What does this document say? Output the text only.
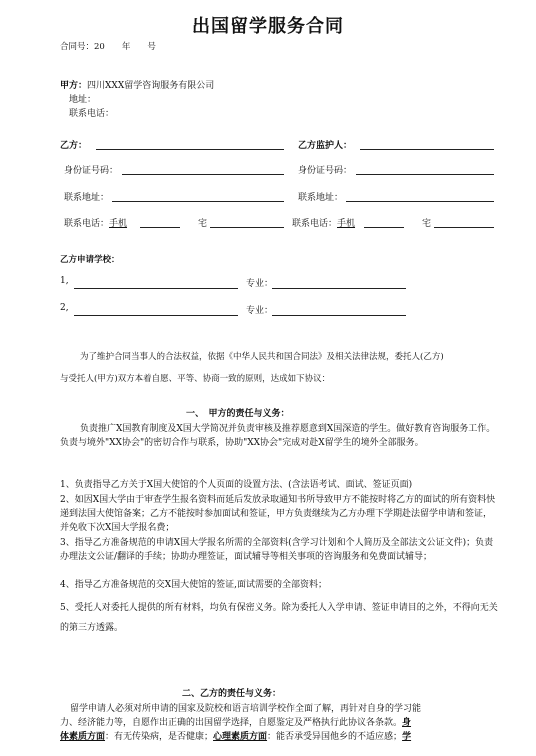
出国留学服务合同
合同号：20　　年　　号
甲方：四川XXX留学咨询服务有限公司
地址：
联系电话：
乙方：	乙方监护人：
身份证号码：	身份证号码：
联系地址：	联系地址：
联系电话：手机	宅	联系电话：手机	宅
乙方申请学校：
1,	专业：
2,	专业：
为了维护合同当事人的合法权益，依据《中华人民共和国合同法》及相关法律法规，委托人(乙方)
与受托人(甲方)双方本着自愿、平等、协商一致的原则，达成如下协议：
一、　甲方的责任与义务：
负责推广X国教育制度及X国大学简况并负责审核及推荐愿意到X国深造的学生。做好教育咨询服务工作。负责与境外"XX协会"的密切合作与联系，协助"XX协会"完成对赴X留学生的境外全部服务。
1、负责指导乙方关于X国大使馆的个人页面的设置方法、(含法语考试、面试、签证页面)
2、如因X国大学由于审查学生报名资料而延后发放录取通知书所导致甲方不能按时将乙方的面试的所有资料快递到法国大使馆备案；乙方不能按时参加面试和签证，甲方负责继续为乙方办理下学期赴法留学申请和签证，并免收下次X国大学报名费；
3、指导乙方准备规范的申请X国大学报名所需的全部资料(含学习计划和个人简历及全部法文公证文件)；负责办理法文公证/翻译的手续；协助办理签证，面试辅导等相关事项的咨询服务和免费面试辅导；
4、指导乙方准备规范的交X国大使馆的签证,面试需要的全部资料；
5、受托人对委托人提供的所有材料，均负有保密义务。除为委托人入学申请、签证申请目的之外，不得向无关的第三方透露。
二、乙方的责任与义务：
留学申请人必须对所申请的国家及院校和语言培训学校作全面了解，再针对自身的学习能
力、经济能力等，自愿作出正确的出国留学选择，自愿鉴定及严格执行此协议各条款。身
体素质方面：有无传染病，是否健康；心理素质方面：能否承受异国他乡的不适应感；学
